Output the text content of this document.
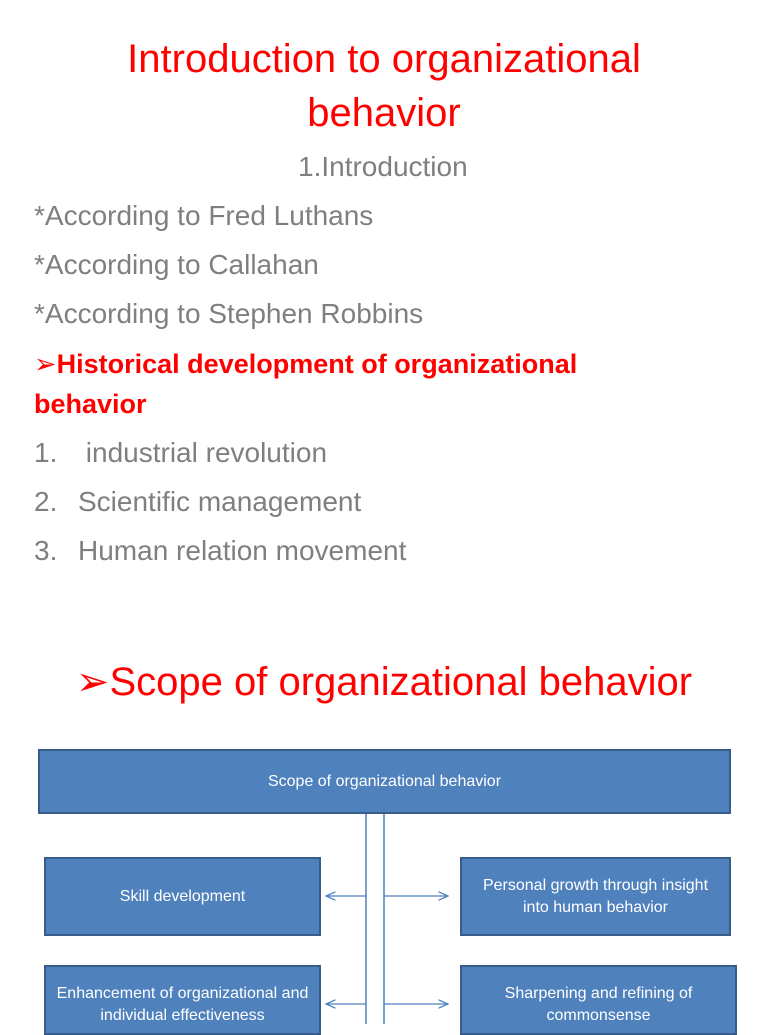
Introduction to organizational
behavior
1.Introduction
*According to Fred Luthans
*According to Callahan
*According to Stephen Robbins
➢Historical development of organizational
behavior
1. industrial revolution
2. Scientific management
3. Human relation movement
➢Scope of organizational behavior
Scope of organizational behavior
Skill development
Personal growth through insight into human behavior
Enhancement of organizational and individual effectiveness
Sharpening and refining of commonsense
